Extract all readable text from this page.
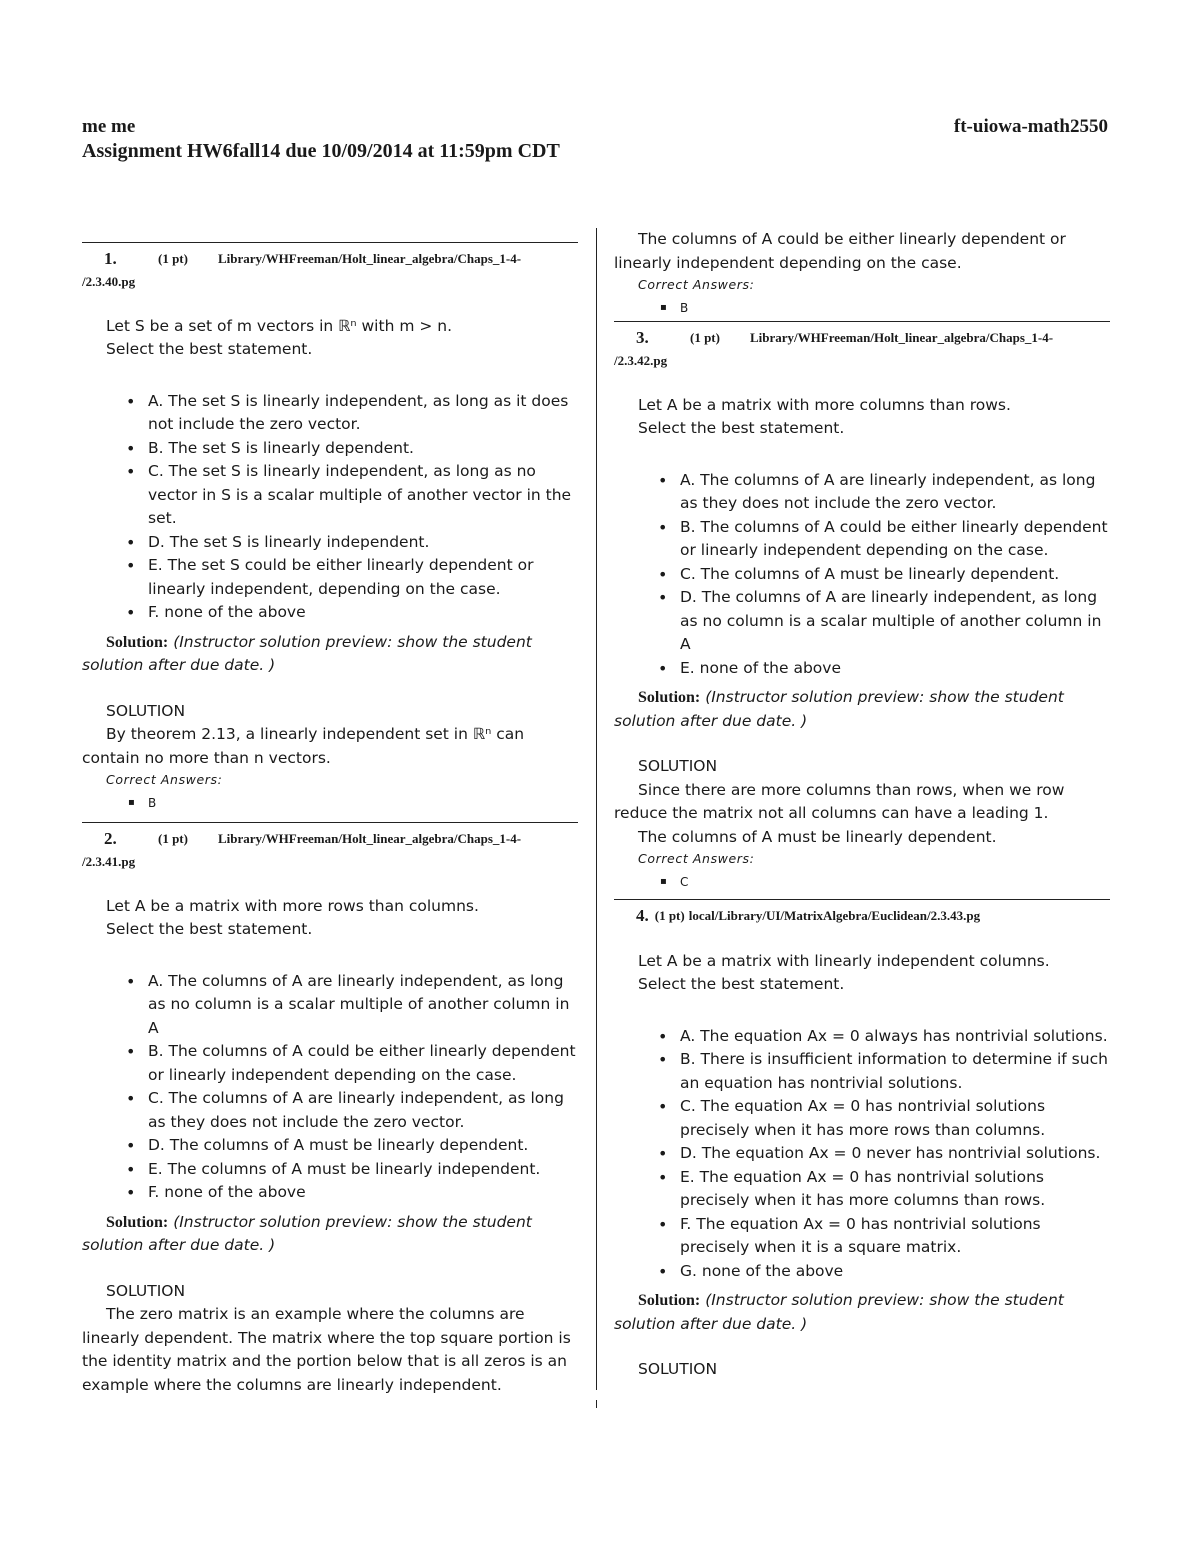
me me	ft-uiowa-math2550
Assignment HW6fall14 due 10/09/2014 at 11:59pm CDT
1.	(1 pt)	Library/WHFreeman/Holt_linear_algebra/Chaps_1-4-
/2.3.40.pg

Let S be a set of m vectors in ℝⁿ with m > n.

Select the best statement.

• A. The set S is linearly independent, as long as it does not include the zero vector.
• B. The set S is linearly dependent.
• C. The set S is linearly independent, as long as no vector in S is a scalar multiple of another vector in the set.
• D. The set S is linearly independent.
• E. The set S could be either linearly dependent or linearly independent, depending on the case.
• F. none of the above

Solution: (Instructor solution preview: show the student solution after due date. )

SOLUTION

By theorem 2.13, a linearly independent set in ℝⁿ can contain no more than n vectors.

Correct Answers:
▪ B
2.	(1 pt)	Library/WHFreeman/Holt_linear_algebra/Chaps_1-4-
/2.3.41.pg

Let A be a matrix with more rows than columns.

Select the best statement.

• A. The columns of A are linearly independent, as long as no column is a scalar multiple of another column in A
• B. The columns of A could be either linearly dependent or linearly independent depending on the case.
• C. The columns of A are linearly independent, as long as they does not include the zero vector.
• D. The columns of A must be linearly dependent.
• E. The columns of A must be linearly independent.
• F. none of the above

Solution: (Instructor solution preview: show the student solution after due date. )

SOLUTION

The zero matrix is an example where the columns are linearly dependent. The matrix where the top square portion is the identity matrix and the portion below that is all zeros is an example where the columns are linearly independent.

The columns of A could be either linearly dependent or linearly independent depending on the case.

Correct Answers:
▪ B
3.	(1 pt)	Library/WHFreeman/Holt_linear_algebra/Chaps_1-4-
/2.3.42.pg

Let A be a matrix with more columns than rows.

Select the best statement.

• A. The columns of A are linearly independent, as long as they does not include the zero vector.
• B. The columns of A could be either linearly dependent or linearly independent depending on the case.
• C. The columns of A must be linearly dependent.
• D. The columns of A are linearly independent, as long as no column is a scalar multiple of another column in A
• E. none of the above

Solution: (Instructor solution preview: show the student solution after due date. )

SOLUTION

Since there are more columns than rows, when we row reduce the matrix not all columns can have a leading 1.

The columns of A must be linearly dependent.

Correct Answers:
▪ C
4. (1 pt) local/Library/UI/MatrixAlgebra/Euclidean/2.3.43.pg

Let A be a matrix with linearly independent columns.

Select the best statement.

• A. The equation Ax = 0 always has nontrivial solutions.
• B. There is insufficient information to determine if such an equation has nontrivial solutions.
• C. The equation Ax = 0 has nontrivial solutions precisely when it has more rows than columns.
• D. The equation Ax = 0 never has nontrivial solutions.
• E. The equation Ax = 0 has nontrivial solutions precisely when it has more columns than rows.
• F. The equation Ax = 0 has nontrivial solutions precisely when it is a square matrix.
• G. none of the above

Solution: (Instructor solution preview: show the student solution after due date. )

SOLUTION
